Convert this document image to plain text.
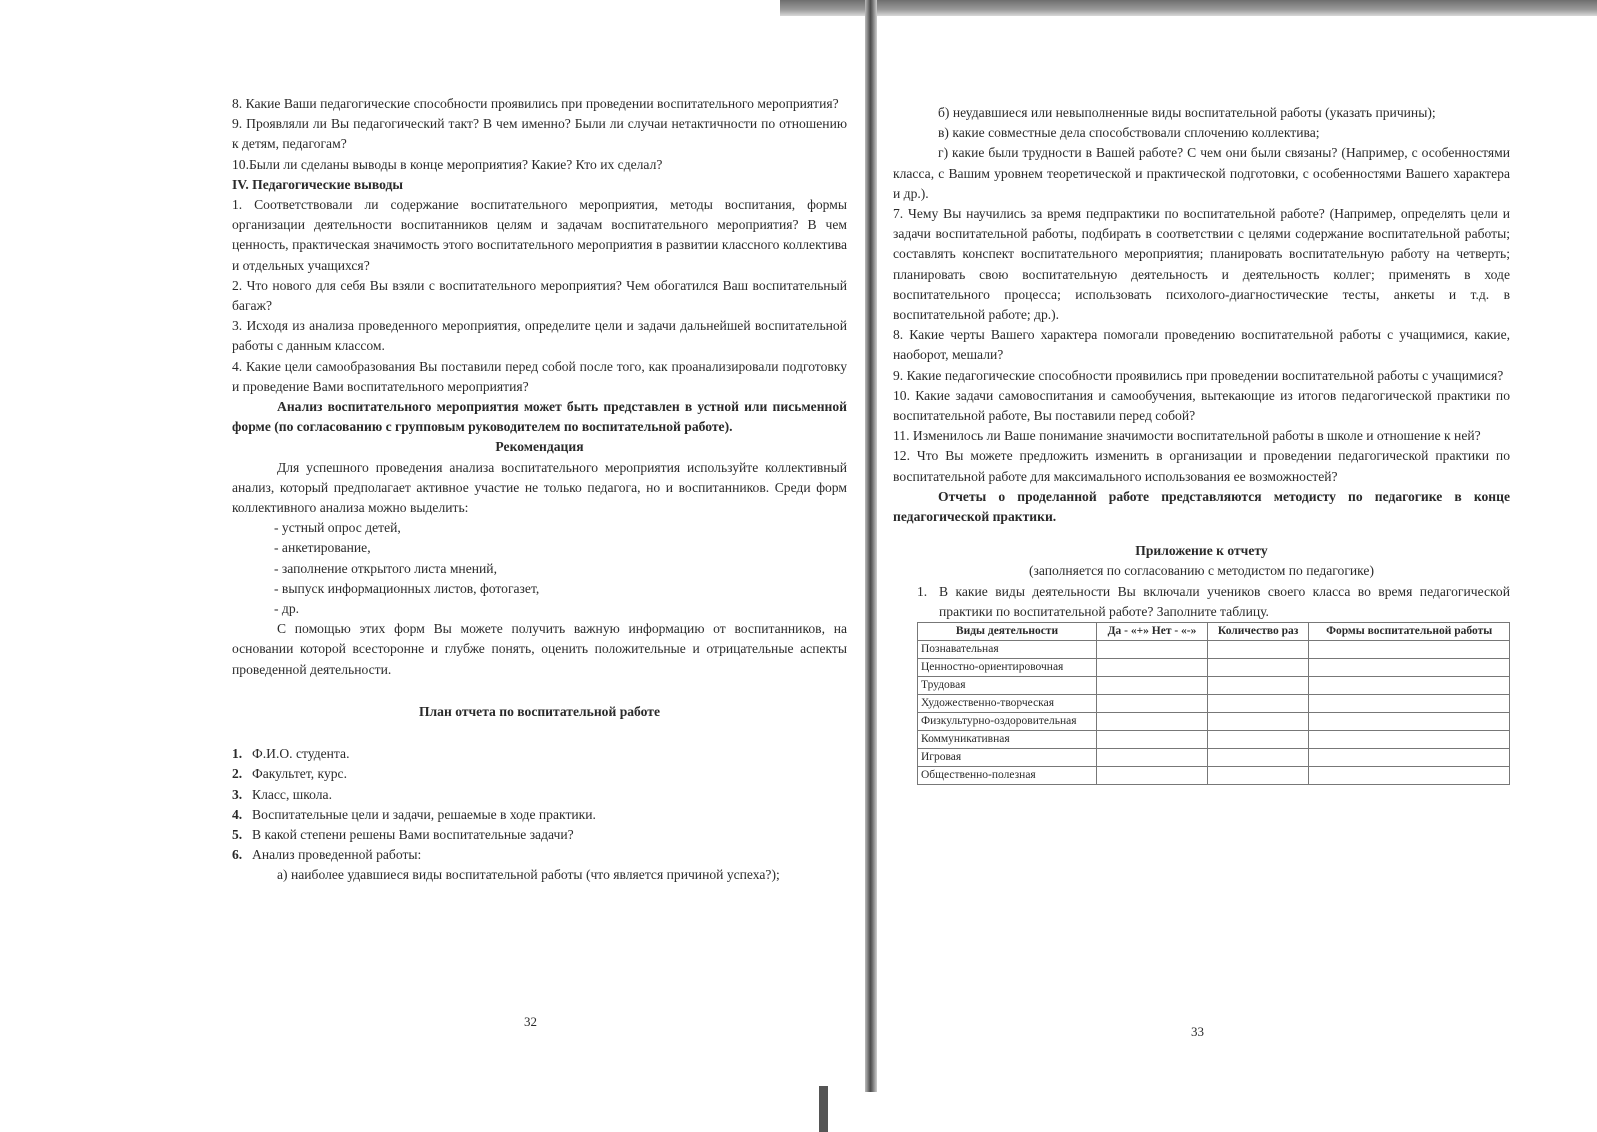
8. Какие Ваши педагогические способности проявились при проведении воспитательного мероприятия?

9. Проявляли ли Вы педагогический такт? В чем именно? Были ли случаи нетактичности по отношению к детям, педагогам?

10.Были ли сделаны выводы в конце мероприятия? Какие? Кто их сделал?

IV. Педагогические выводы

1. Соответствовали ли содержание воспитательного мероприятия, методы воспитания, формы организации деятельности воспитанников целям и задачам воспитательного мероприятия? В чем ценность, практическая значимость этого воспитательного мероприятия в развитии классного коллектива и отдельных учащихся?

2. Что нового для себя Вы взяли с воспитательного мероприятия? Чем обогатился Ваш воспитательный багаж?

3. Исходя из анализа проведенного мероприятия, определите цели и задачи дальнейшей воспитательной работы с данным классом.

4. Какие цели самообразования Вы поставили перед собой после того, как проанализировали подготовку и проведение Вами воспитательного мероприятия?

Анализ воспитательного мероприятия может быть представлен в устной или письменной форме (по согласованию с групповым руководителем по воспитательной работе).

Рекомендация

Для успешного проведения анализа воспитательного мероприятия используйте коллективный анализ, который предполагает активное участие не только педагога, но и воспитанников. Среди форм коллективного анализа можно выделить:

- устный опрос детей,

- анкетирование,

- заполнение открытого листа мнений,

- выпуск информационных листов, фотогазет,

- др.

С помощью этих форм Вы можете получить важную информацию от воспитанников, на основании которой всесторонне и глубже понять, оценить положительные и отрицательные аспекты проведенной деятельности.

План отчета по воспитательной работе

1. Ф.И.О. студента.
2. Факультет, курс.
3. Класс, школа.
4. Воспитательные цели и задачи, решаемые в ходе практики.
5. В какой степени решены Вами воспитательные задачи?
6. Анализ проведенной работы:

а) наиболее удавшиеся виды воспитательной работы (что является причиной успеха?);

32

б) неудавшиеся или невыполненные виды воспитательной работы (указать причины);

в) какие совместные дела способствовали сплочению коллектива;

г) какие были трудности в Вашей работе? С чем они были связаны? (Например, с особенностями класса, с Вашим уровнем теоретической и практической подготовки, с особенностями Вашего характера и др.).

7. Чему Вы научились за время педпрактики по воспитательной работе? (Например, определять цели и задачи воспитательной работы, подбирать в соответствии с целями содержание воспитательной работы; составлять конспект воспитательного мероприятия; планировать воспитательную работу на четверть; планировать свою воспитательную деятельность и деятельность коллег; применять в ходе воспитательного процесса; использовать психолого-диагностические тесты, анкеты и т.д. в воспитательной работе; др.).

8. Какие черты Вашего характера помогали проведению воспитательной работы с учащимися, какие, наоборот, мешали?

9. Какие педагогические способности проявились при проведении воспитательной работы с учащимися?

10. Какие задачи самовоспитания и самообучения, вытекающие из итогов педагогической практики по воспитательной работе, Вы поставили перед собой?

11. Изменилось ли Ваше понимание значимости воспитательной работы в школе и отношение к ней?

12. Что Вы можете предложить изменить в организации и проведении педагогической практики по воспитательной работе для максимального использования ее возможностей?

Отчеты о проделанной работе представляются методисту по педагогике в конце педагогической практики.

Приложение к отчету

(заполняется по согласованию с методистом по педагогике)

1. В какие виды деятельности Вы включали учеников своего класса во время педагогической практики по воспитательной работе? Заполните таблицу.
Виды деятельности	Да - «+» Нет - «-»	Количество раз	Формы воспитательной работы
Познавательная			
Ценностно-ориентировочная			
Трудовая			
Художественно-творческая			
Физкультурно-оздоровительная			
Коммуникативная			
Игровая			
Общественно-полезная			
33
